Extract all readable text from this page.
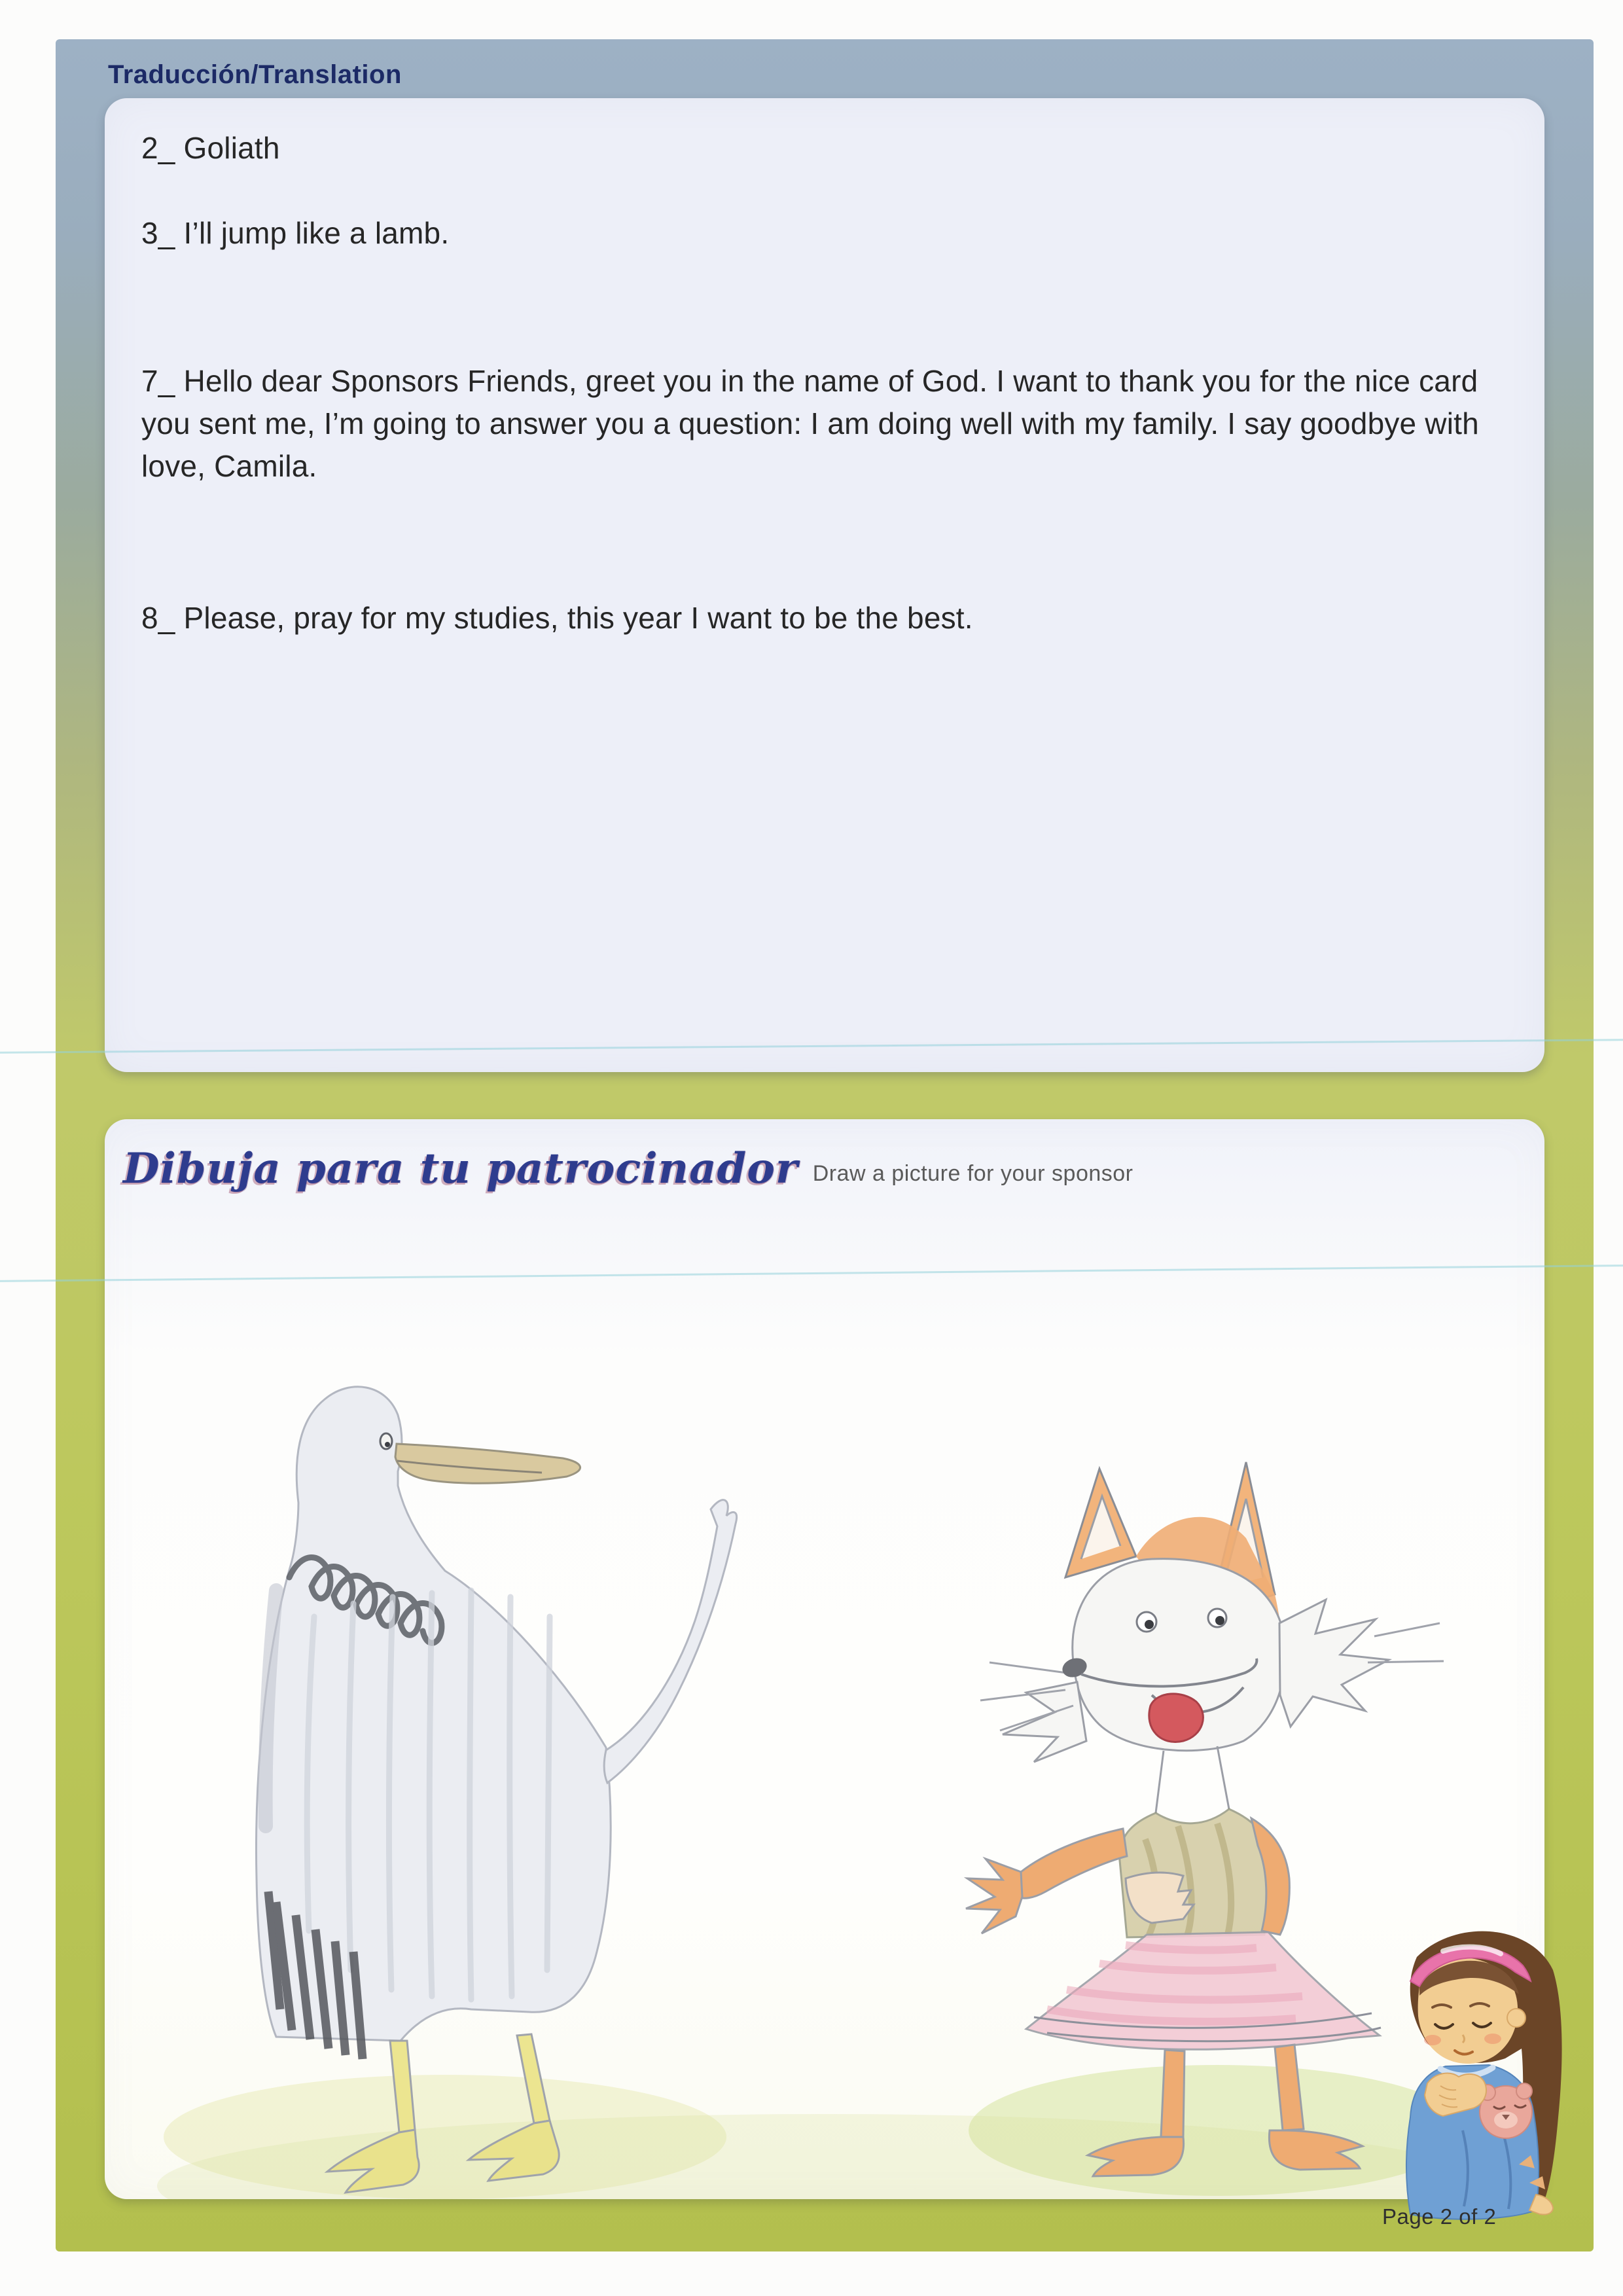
Traducción/Translation
2_ Goliath
3_ I’ll jump like a lamb.
7_ Hello dear Sponsors Friends, greet you in the name of God. I want to thank you for the nice card you sent me, I’m going to answer you a question: I am doing well with my family. I say goodbye with love, Camila.
8_ Please, pray for my studies, this year I want to be the best.
Dibuja para tu patrocinador Draw a picture for your sponsor
Page 2 of 2
